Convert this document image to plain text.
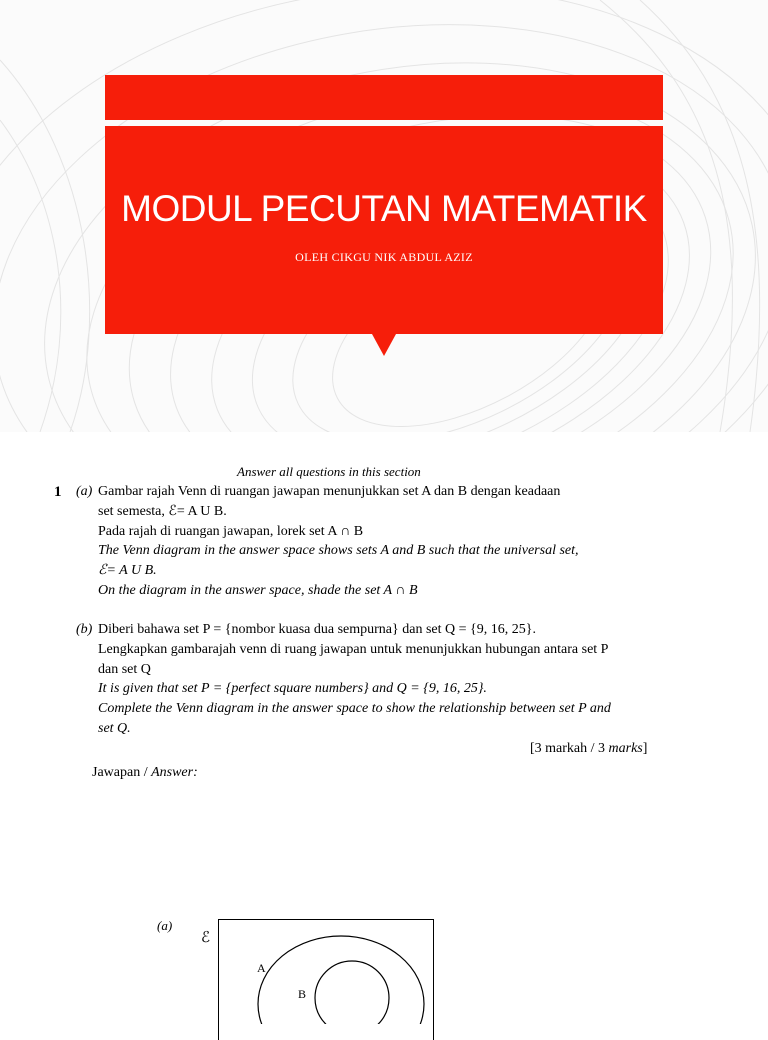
MODUL PECUTAN MATEMATIK
OLEH CIKGU NIK ABDUL AZIZ
Answer all questions in this section
1 (a) Gambar rajah Venn di ruangan jawapan menunjukkan set A dan B dengan keadaan
set semesta, ℰ= A U B.
Pada rajah di ruangan jawapan, lorek set A ∩ B
The Venn diagram in the answer space shows sets A and B such that the universal set,
ℰ= A U B.
On the diagram in the answer space, shade the set A ∩ B
(b) Diberi bahawa set P = {nombor kuasa dua sempurna} dan set Q = {9, 16, 25}.
Lengkapkan gambarajah venn di ruang jawapan untuk menunjukkan hubungan antara set P
dan set Q
It is given that set P = {perfect square numbers} and Q = {9, 16, 25}.
Complete the Venn diagram in the answer space to show the relationship between set P and
set Q.
[3 markah / 3 marks]
Jawapan / Answer:
(a)
ℰ
A
B
